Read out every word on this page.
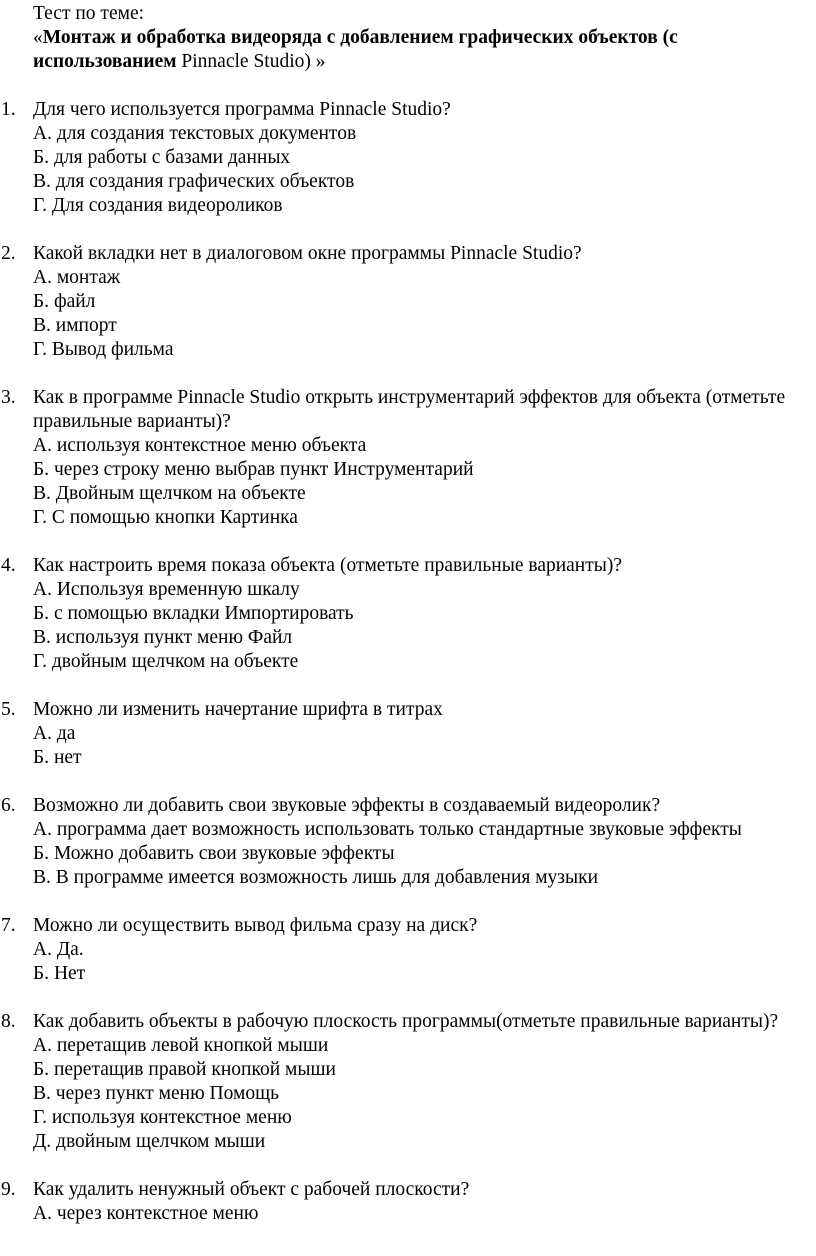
Тест по теме:
«Монтаж и обработка видеоряда с добавлением графических объектов (с
использованием Pinnacle Studio) »
1. Для чего используется программа Pinnacle Studio?
А. для создания текстовых документов
Б. для работы с базами данных
В. для создания графических объектов
Г. Для создания видеороликов
2. Какой вкладки нет в диалоговом окне программы Pinnacle Studio?
А. монтаж
Б. файл
В. импорт
Г. Вывод фильма
3. Как в программе Pinnacle Studio открыть инструментарий эффектов для объекта (отметьте правильные варианты)?
А. используя контекстное меню объекта
Б. через строку меню выбрав пункт Инструментарий
В. Двойным щелчком на объекте
Г. С помощью кнопки Картинка
4. Как настроить время показа объекта (отметьте правильные варианты)?
А. Используя временную шкалу
Б. с помощью вкладки Импортировать
В. используя пункт меню Файл
Г. двойным щелчком на объекте
5. Можно ли изменить начертание шрифта в титрах
А. да
Б. нет
6. Возможно ли добавить свои звуковые эффекты в создаваемый видеоролик?
А. программа дает возможность использовать только стандартные звуковые эффекты
Б. Можно добавить свои звуковые эффекты
В. В программе имеется возможность лишь для добавления музыки
7. Можно ли осуществить вывод фильма сразу на диск?
А. Да.
Б. Нет
8. Как добавить объекты в рабочую плоскость программы(отметьте правильные варианты)?
А. перетащив левой кнопкой мыши
Б. перетащив правой кнопкой мыши
В. через пункт меню Помощь
Г. используя контекстное меню
Д. двойным щелчком мыши
9. Как удалить ненужный объект с рабочей плоскости?
А. через контекстное меню
